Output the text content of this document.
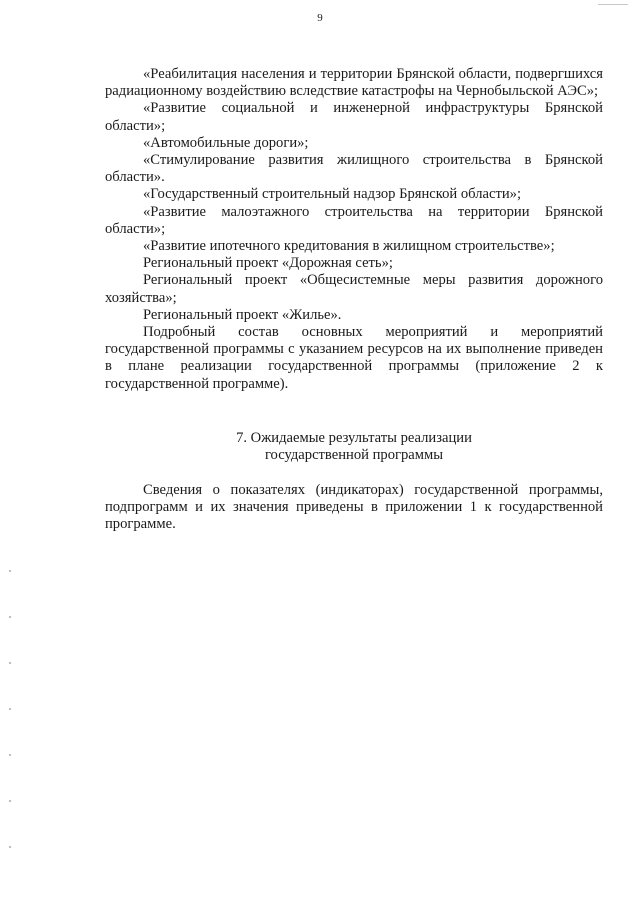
9

«Реабилитация населения и территории Брянской области, подвергшихся радиационному воздействию вследствие катастрофы на Чернобыльской АЭС»;

«Развитие социальной и инженерной инфраструктуры Брянской области»;

«Автомобильные дороги»;

«Стимулирование развития жилищного строительства в Брянской области».

«Государственный строительный надзор Брянской области»;

«Развитие малоэтажного строительства на территории Брянской области»;

«Развитие ипотечного кредитования в жилищном строительстве»;

Региональный проект «Дорожная сеть»;

Региональный проект «Общесистемные меры развития дорожного хозяйства»;

Региональный проект «Жилье».

Подробный состав основных мероприятий и мероприятий государственной программы с указанием ресурсов на их выполнение приведен в плане реализации государственной программы (приложение 2 к государственной программе).

7. Ожидаемые результаты реализации
государственной программы

Сведения о показателях (индикаторах) государственной программы, подпрограмм и их значения приведены в приложении 1 к государственной программе.
